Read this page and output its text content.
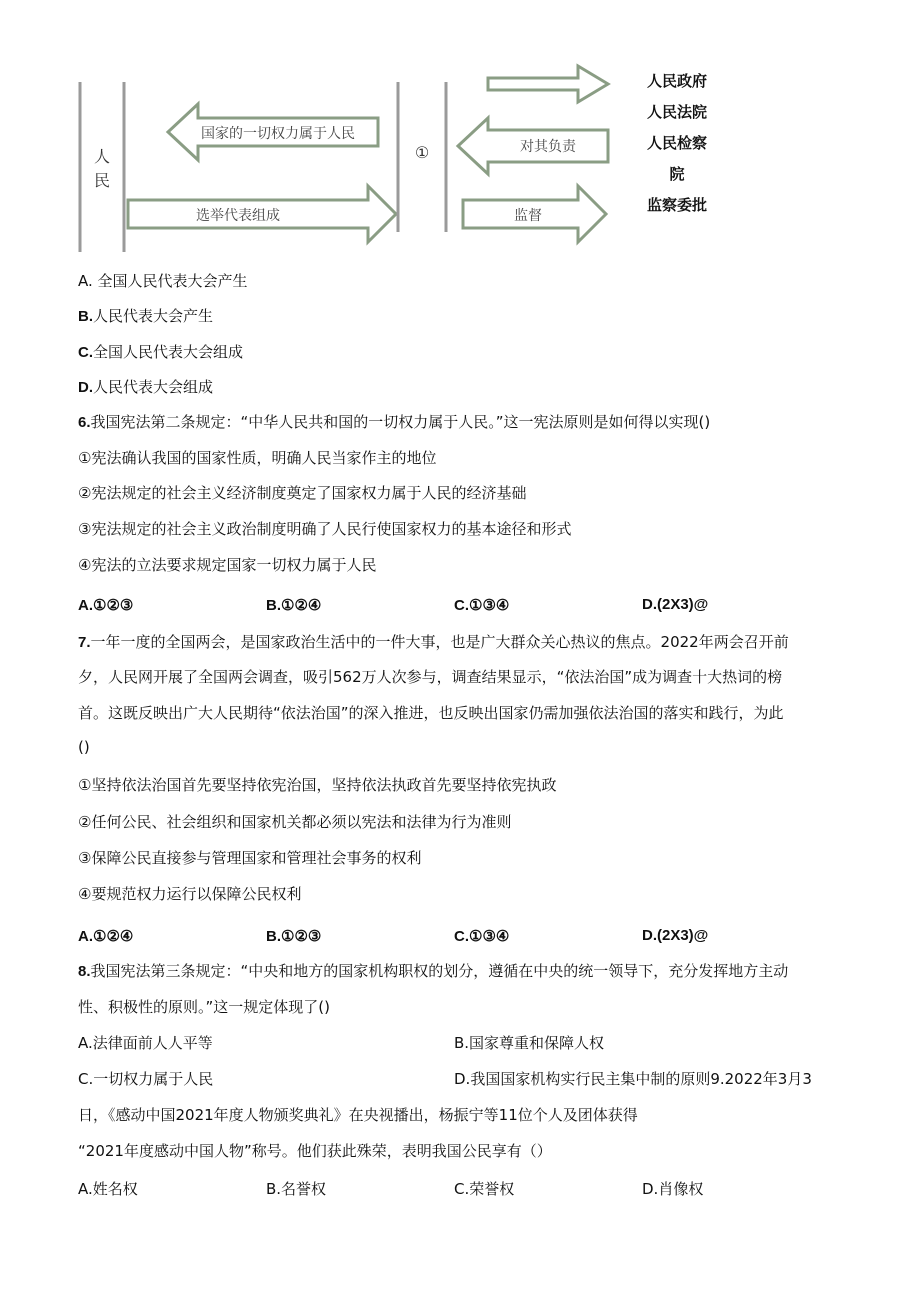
人
民
国家的一切权力属于人民
选举代表组成
①	对其负责
监督
人民政府
人民法院
人民检察
院
监察委批
A. 全国人民代表大会产生
B.人民代表大会产生
C.全国人民代表大会组成
D.人民代表大会组成
6.我国宪法第二条规定：“中华人民共和国的一切权力属于人民。”这一宪法原则是如何得以实现()
①宪法确认我国的国家性质，明确人民当家作主的地位
②宪法规定的社会主义经济制度奠定了国家权力属于人民的经济基础
③宪法规定的社会主义政治制度明确了人民行使国家权力的基本途径和形式
④宪法的立法要求规定国家一切权力属于人民
A.①②③	B.①②④	C.①③④	D.(2X3)@
7.一年一度的全国两会，是国家政治生活中的一件大事，也是广大群众关心热议的焦点。2022年两会召开前
夕，人民网开展了全国两会调查，吸引562万人次参与，调查结果显示，“依法治国”成为调查十大热词的榜
首。这既反映出广大人民期待“依法治国”的深入推进，也反映出国家仍需加强依法治国的落实和践行，为此
()
①坚持依法治国首先要坚持依宪治国，坚持依法执政首先要坚持依宪执政
②任何公民、社会组织和国家机关都必须以宪法和法律为行为准则
③保障公民直接参与管理国家和管理社会事务的权利
④要规范权力运行以保障公民权利
A.①②④	B.①②③	C.①③④	D.(2X3)@
8.我国宪法第三条规定：“中央和地方的国家机构职权的划分，遵循在中央的统一领导下，充分发挥地方主动
性、积极性的原则。”这一规定体现了()
A.法律面前人人平等	B.国家尊重和保障人权
C.一切权力属于人民	D.我国国家机构实行民主集中制的原则9.2022年3月3
日，《感动中国2021年度人物颁奖典礼》在央视播出，杨振宁等11位个人及团体获得
“2021年度感动中国人物”称号。他们获此殊荣，表明我国公民享有（）
A.姓名权	B.名誉权	C.荣誉权	D.肖像权
